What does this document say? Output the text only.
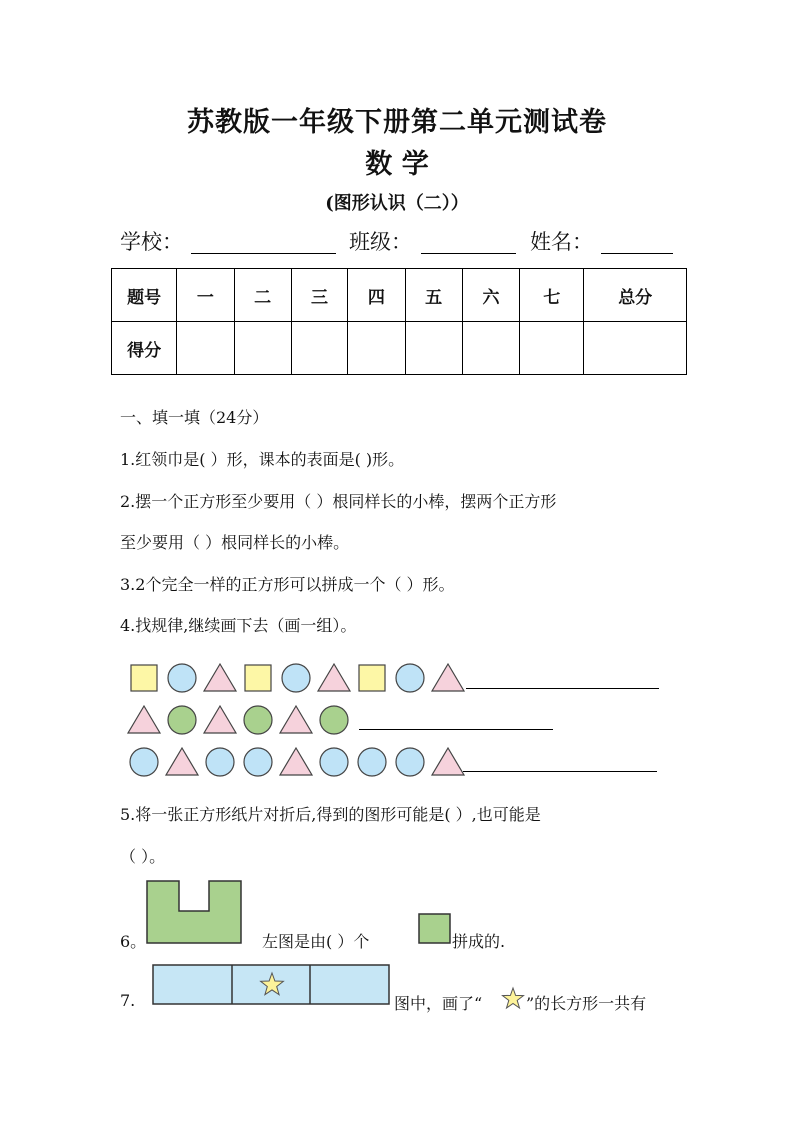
苏教版一年级下册第二单元测试卷
数 学
(图形认识（二））
学校：	班级：	姓名：
题号	一	二	三	四	五	六	七	总分
得分								
一、填一填（24分）
1.红领巾是( ）形，课本的表面是( )形。
2.摆一个正方形至少要用（ ）根同样长的小棒，摆两个正方形
至少要用（ ）根同样长的小棒。
3.2个完全一样的正方形可以拼成一个（ ）形。
4.找规律,继续画下去（画一组）。
5.将一张正方形纸片对折后,得到的图形可能是( ）,也可能是
（ ）。
6。	左图是由( ）个	拼成的.
7.	图中，画了“	”的长方形一共有
